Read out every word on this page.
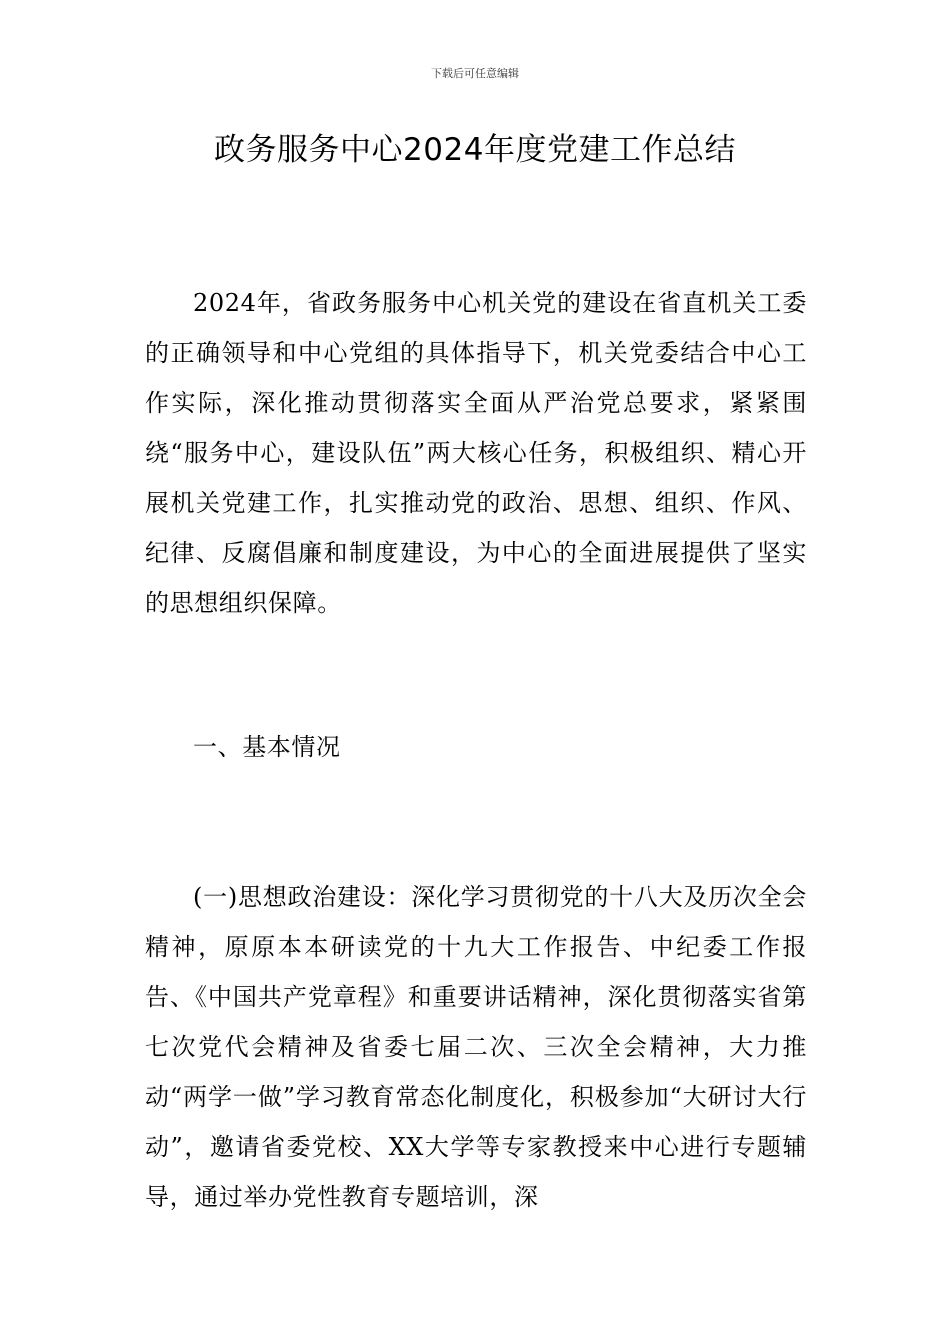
下载后可任意编辑
政务服务中心2024年度党建工作总结

2024年，省政务服务中心机关党的建设在省直机关工委的正确领导和中心党组的具体指导下，机关党委结合中心工作实际，深化推动贯彻落实全面从严治党总要求，紧紧围绕“服务中心，建设队伍”两大核心任务，积极组织、精心开展机关党建工作，扎实推动党的政治、思想、组织、作风、纪律、反腐倡廉和制度建设，为中心的全面进展提供了坚实的思想组织保障。

一、基本情况

(一)思想政治建设：深化学习贯彻党的十八大及历次全会精神，原原本本研读党的十九大工作报告、中纪委工作报告、《中国共产党章程》和重要讲话精神，深化贯彻落实省第七次党代会精神及省委七届二次、三次全会精神，大力推动“两学一做”学习教育常态化制度化，积极参加“大研讨大行动”，邀请省委党校、XX大学等专家教授来中心进行专题辅导，通过举办党性教育专题培训，深
